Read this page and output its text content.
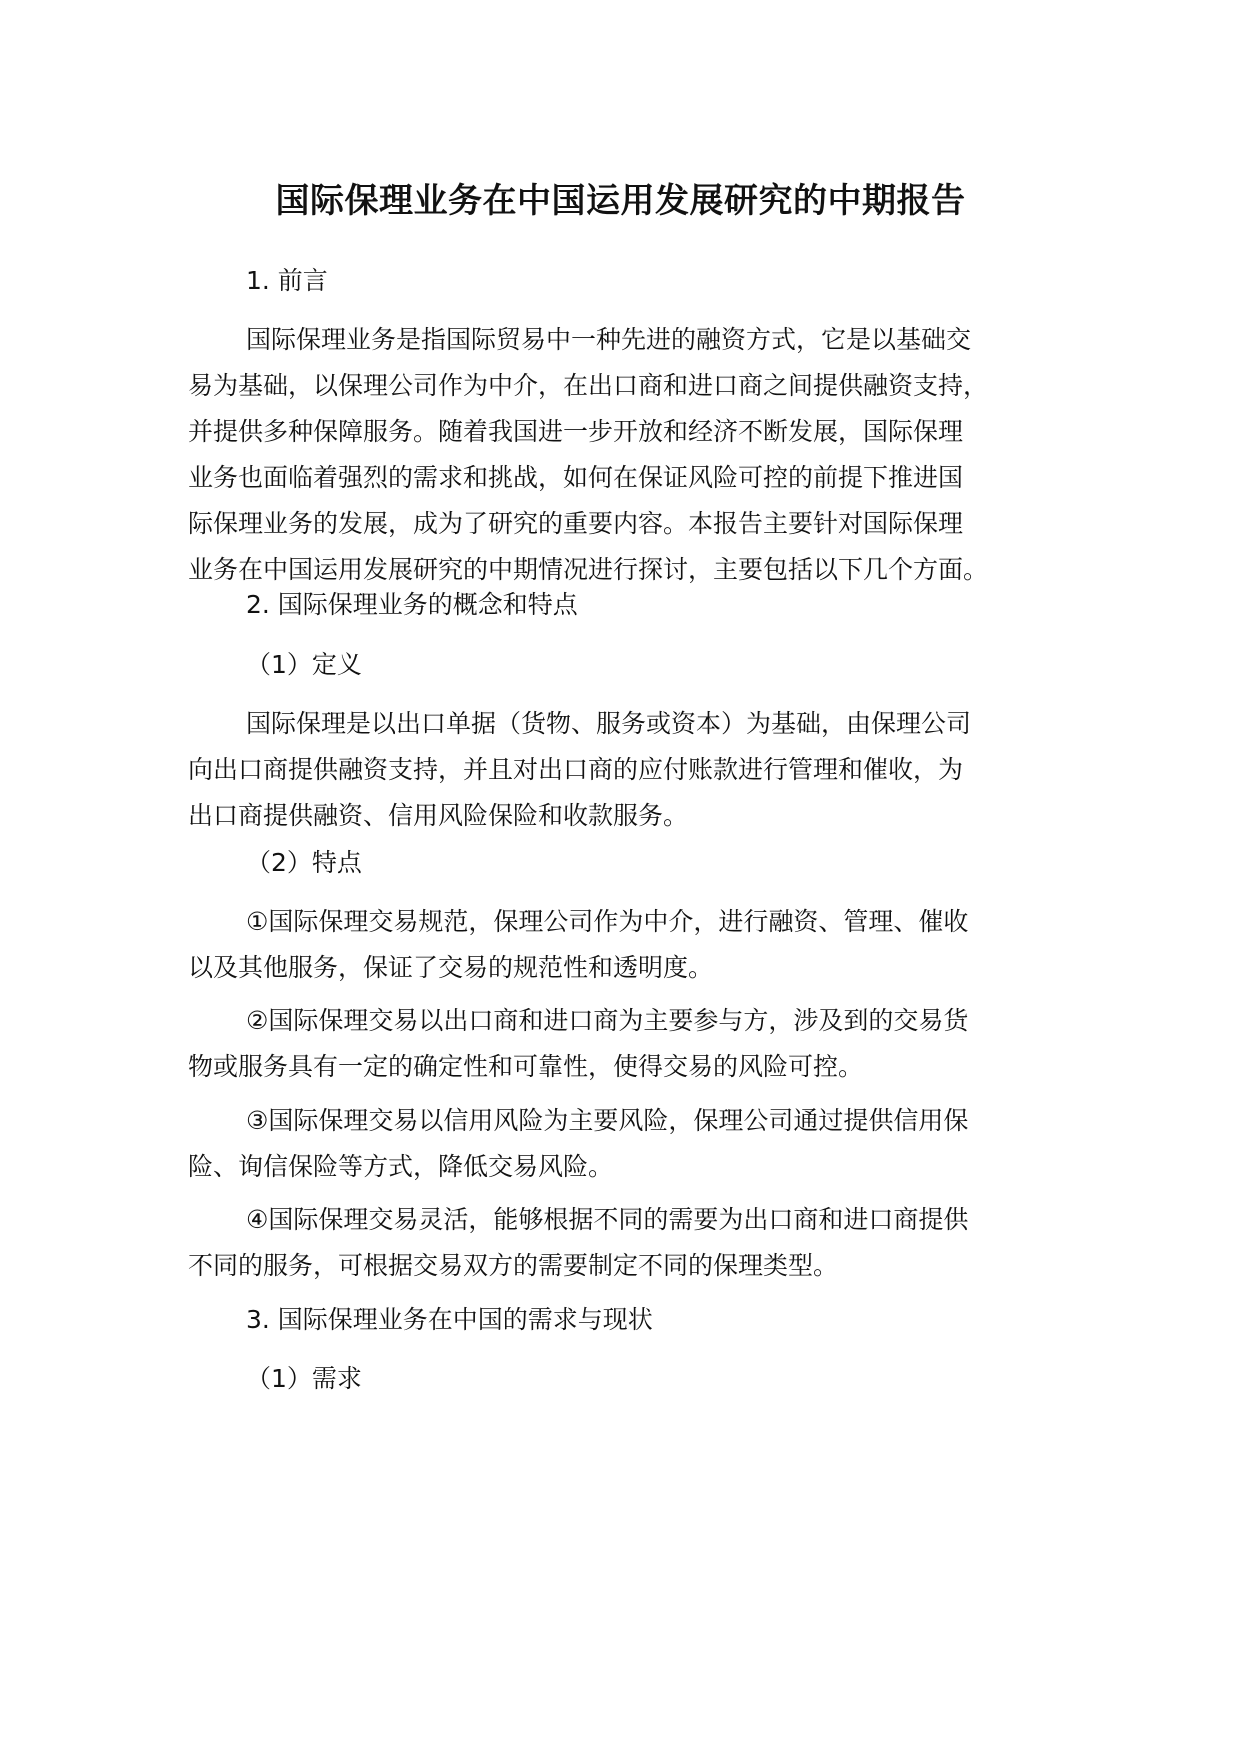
国际保理业务在中国运用发展研究的中期报告
1. 前言
国际保理业务是指国际贸易中一种先进的融资方式，它是以基础交
易为基础，以保理公司作为中介，在出口商和进口商之间提供融资支持，
并提供多种保障服务。随着我国进一步开放和经济不断发展，国际保理
业务也面临着强烈的需求和挑战，如何在保证风险可控的前提下推进国
际保理业务的发展，成为了研究的重要内容。本报告主要针对国际保理
业务在中国运用发展研究的中期情况进行探讨，主要包括以下几个方面。
2. 国际保理业务的概念和特点
（1）定义
国际保理是以出口单据（货物、服务或资本）为基础，由保理公司
向出口商提供融资支持，并且对出口商的应付账款进行管理和催收，为
出口商提供融资、信用风险保险和收款服务。
（2）特点
①国际保理交易规范，保理公司作为中介，进行融资、管理、催收
以及其他服务，保证了交易的规范性和透明度。
②国际保理交易以出口商和进口商为主要参与方，涉及到的交易货
物或服务具有一定的确定性和可靠性，使得交易的风险可控。
③国际保理交易以信用风险为主要风险，保理公司通过提供信用保
险、询信保险等方式，降低交易风险。
④国际保理交易灵活，能够根据不同的需要为出口商和进口商提供
不同的服务，可根据交易双方的需要制定不同的保理类型。
3. 国际保理业务在中国的需求与现状
（1）需求
